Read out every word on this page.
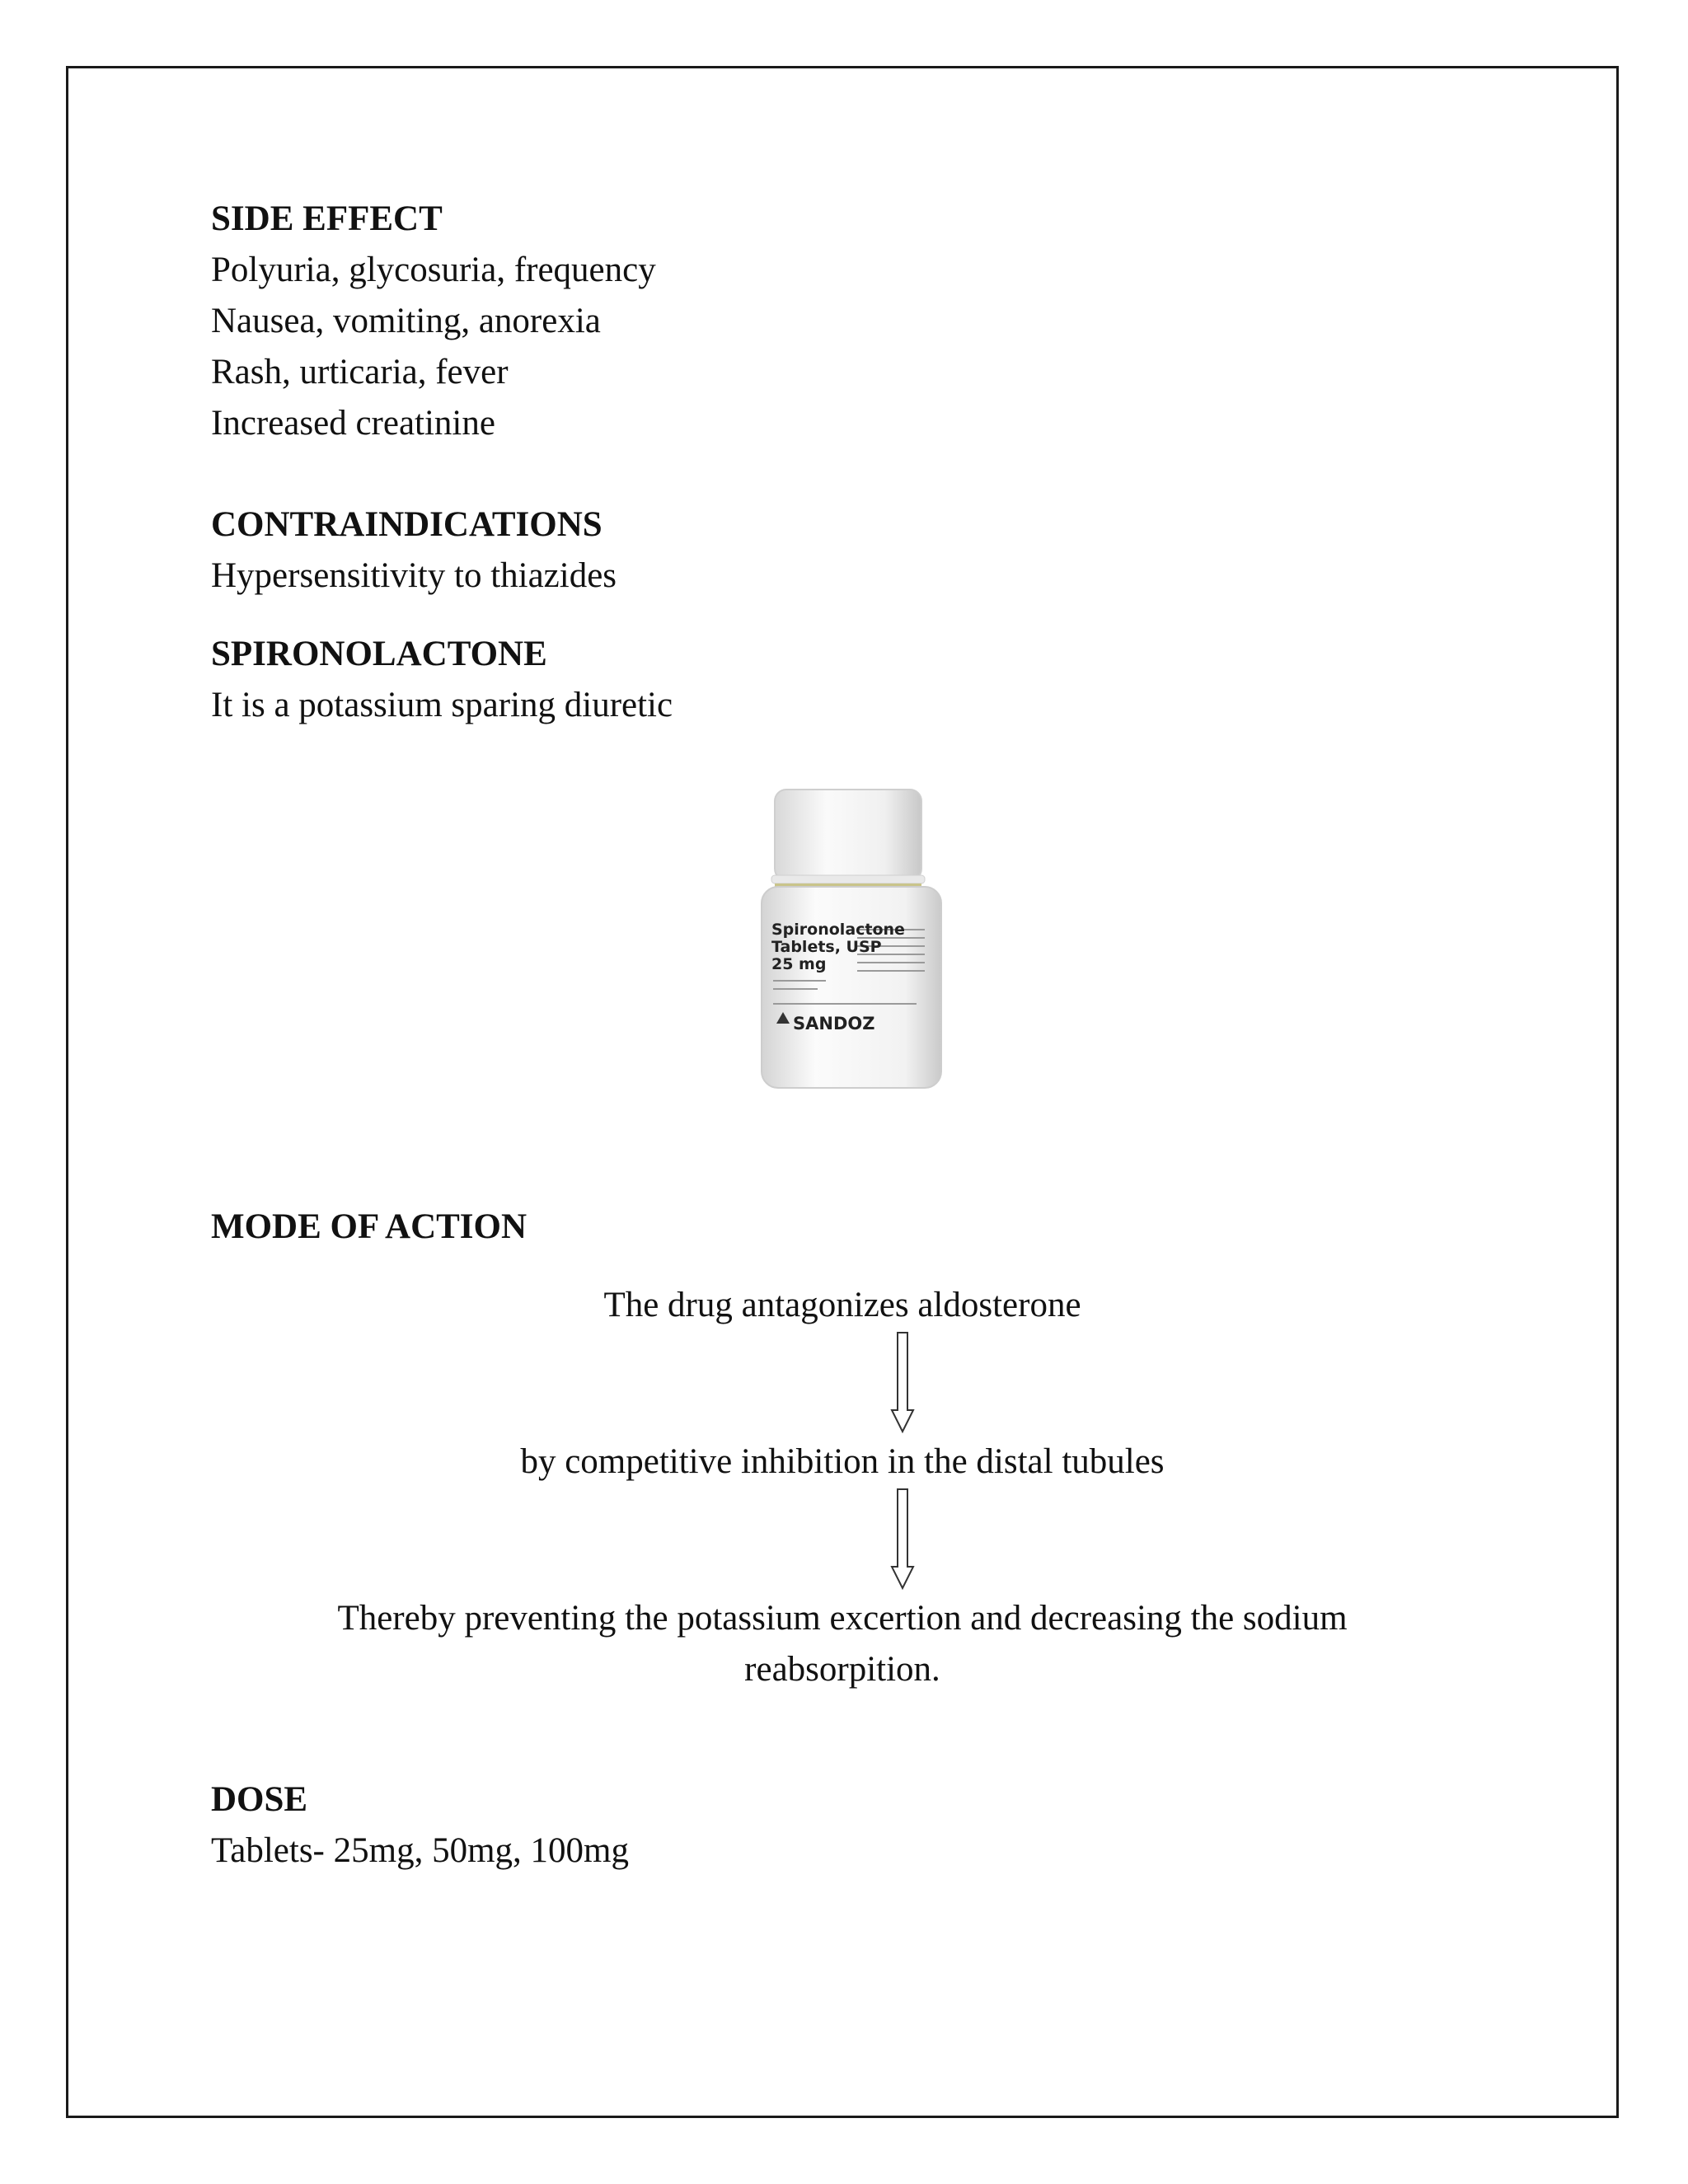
SIDE EFFECT
Polyuria, glycosuria, frequency
Nausea, vomiting, anorexia
Rash, urticaria, fever
Increased creatinine
CONTRAINDICATIONS
Hypersensitivity to thiazides
SPIRONOLACTONE
It is a potassium sparing diuretic
Spironolactone
Tablets, USP
25 mg
SANDOZ
MODE OF ACTION
The drug antagonizes aldosterone
by competitive inhibition in the distal tubules
Thereby preventing the potassium excertion and decreasing the sodium
reabsorpition.
DOSE
Tablets- 25mg, 50mg, 100mg
